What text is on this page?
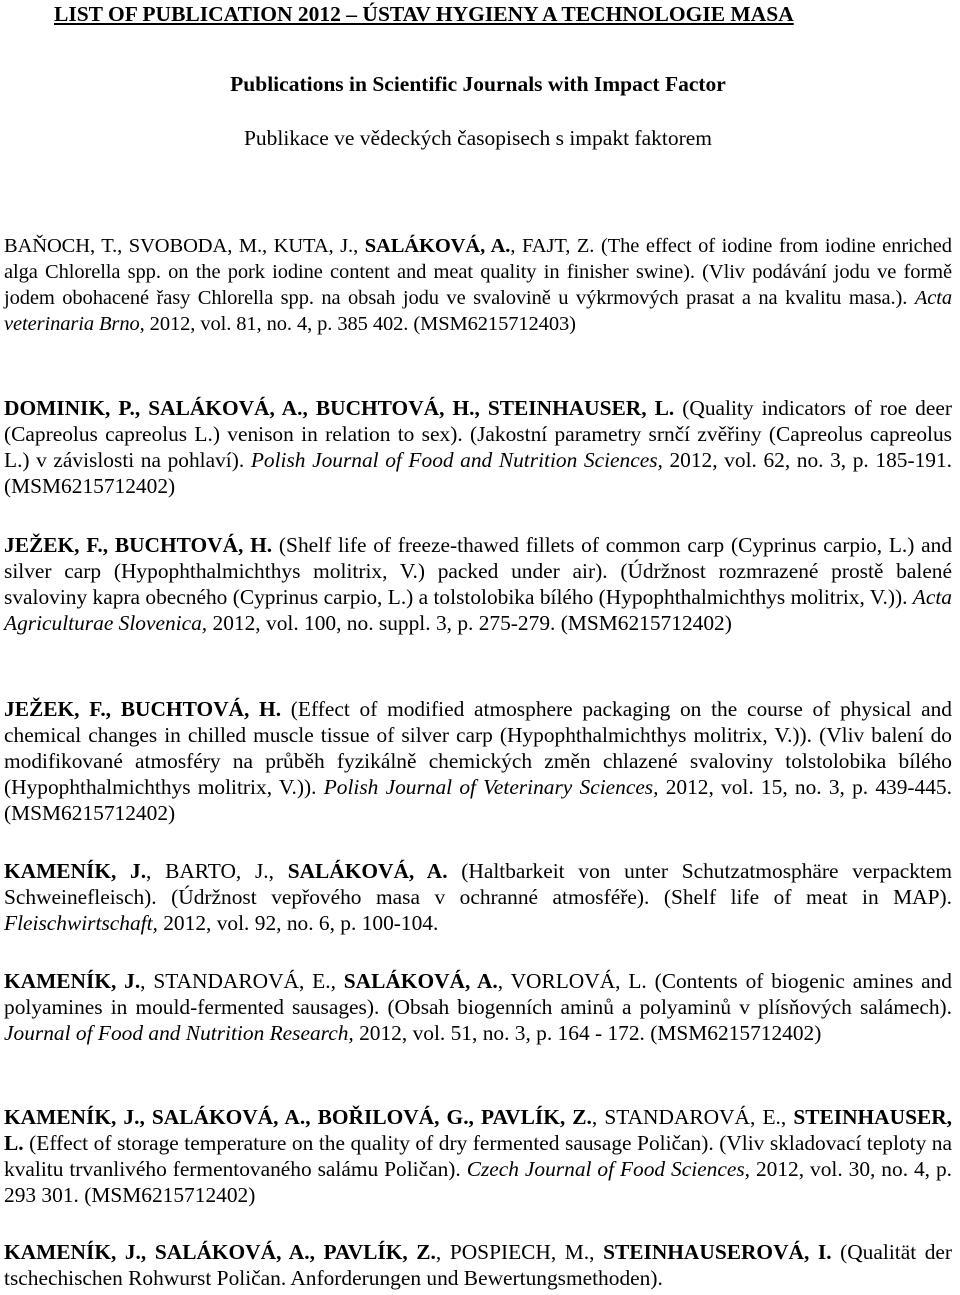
LIST OF PUBLICATION 2012 – ÚSTAV HYGIENY A TECHNOLOGIE MASA
Publications in Scientific Journals with Impact Factor

Publikace ve vědeckých časopisech s impakt faktorem

BAŇOCH, T., SVOBODA, M., KUTA, J., SALÁKOVÁ, A., FAJT, Z. (The effect of iodine from iodine enriched alga Chlorella spp. on the pork iodine content and meat quality in finisher swine). (Vliv podávání jodu ve formě jodem obohacené řasy Chlorella spp. na obsah jodu ve svalovině u výkrmových prasat a na kvalitu masa.). Acta veterinaria Brno, 2012, vol. 81, no. 4, p. 385 402. (MSM6215712403)

DOMINIK, P., SALÁKOVÁ, A., BUCHTOVÁ, H., STEINHAUSER, L. (Quality indicators of roe deer (Capreolus capreolus L.) venison in relation to sex). (Jakostní parametry srnčí zvěřiny (Capreolus capreolus L.) v závislosti na pohlaví). Polish Journal of Food and Nutrition Sciences, 2012, vol. 62, no. 3, p. 185-191. (MSM6215712402)

JEŽEK, F., BUCHTOVÁ, H. (Shelf life of freeze-thawed fillets of common carp (Cyprinus carpio, L.) and silver carp (Hypophthalmichthys molitrix, V.) packed under air). (Údržnost rozmrazené prostě balené svaloviny kapra obecného (Cyprinus carpio, L.) a tolstolobika bílého (Hypophthalmichthys molitrix, V.)). Acta Agriculturae Slovenica, 2012, vol. 100, no. suppl. 3, p. 275-279. (MSM6215712402)

JEŽEK, F., BUCHTOVÁ, H. (Effect of modified atmosphere packaging on the course of physical and chemical changes in chilled muscle tissue of silver carp (Hypophthalmichthys molitrix, V.)). (Vliv balení do modifikované atmosféry na průběh fyzikálně chemických změn chlazené svaloviny tolstolobika bílého (Hypophthalmichthys molitrix, V.)). Polish Journal of Veterinary Sciences, 2012, vol. 15, no. 3, p. 439-445. (MSM6215712402)

KAMENÍK, J., BARTO, J., SALÁKOVÁ, A. (Haltbarkeit von unter Schutzatmosphäre verpacktem Schweinefleisch). (Údržnost vepřového masa v ochranné atmosféře). (Shelf life of meat in MAP). Fleischwirtschaft, 2012, vol. 92, no. 6, p. 100-104.

KAMENÍK, J., STANDAROVÁ, E., SALÁKOVÁ, A., VORLOVÁ, L. (Contents of biogenic amines and polyamines in mould-fermented sausages). (Obsah biogenních aminů a polyaminů v plísňových salámech). Journal of Food and Nutrition Research, 2012, vol. 51, no. 3, p. 164 - 172. (MSM6215712402)

KAMENÍK, J., SALÁKOVÁ, A., BOŘILOVÁ, G., PAVLÍK, Z., STANDAROVÁ, E., STEINHAUSER, L. (Effect of storage temperature on the quality of dry fermented sausage Poličan). (Vliv skladovací teploty na kvalitu trvanlivého fermentovaného salámu Poličan). Czech Journal of Food Sciences, 2012, vol. 30, no. 4, p. 293 301. (MSM6215712402)

KAMENÍK, J., SALÁKOVÁ, A., PAVLÍK, Z., POSPIECH, M., STEINHAUSEROVÁ, I. (Qualität der tschechischen Rohwurst Poličan. Anforderungen und Bewertungsmethoden).
